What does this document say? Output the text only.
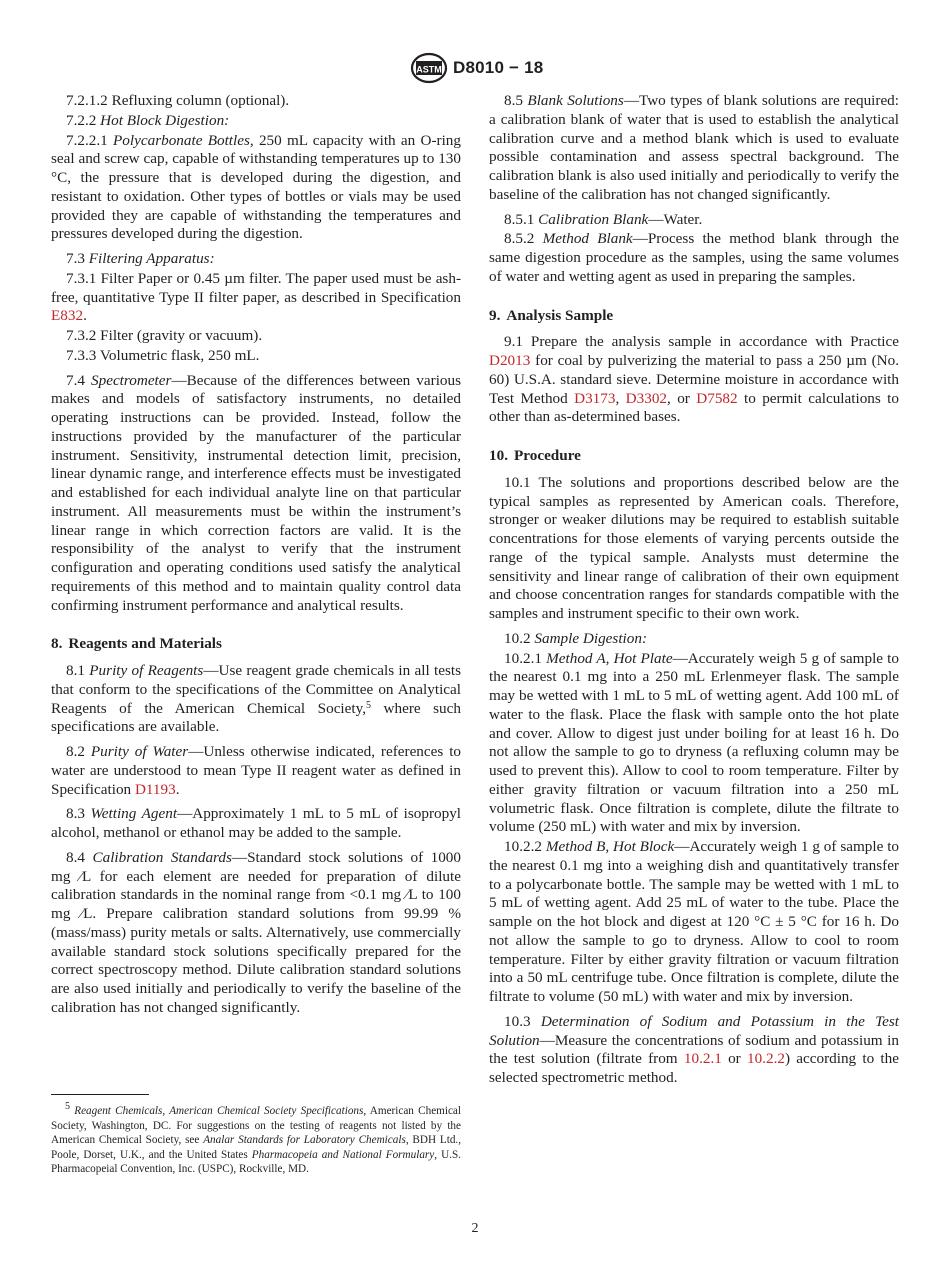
ASTM D8010 − 18

7.2.1.2 Refluxing column (optional).

7.2.2 Hot Block Digestion:

7.2.2.1 Polycarbonate Bottles, 250 mL capacity with an O-ring seal and screw cap, capable of withstanding temperatures up to 130 °C, the pressure that is developed during the digestion, and resistant to oxidation. Other types of bottles or vials may be used provided they are capable of withstanding the temperatures and pressures developed during the digestion.

7.3 Filtering Apparatus:

7.3.1 Filter Paper or 0.45 µm filter. The paper used must be ash-free, quantitative Type II filter paper, as described in Specification E832.

7.3.2 Filter (gravity or vacuum).

7.3.3 Volumetric flask, 250 mL.

7.4 Spectrometer—Because of the differences between various makes and models of satisfactory instruments, no detailed operating instructions can be provided. Instead, follow the instructions provided by the manufacturer of the particular instrument. Sensitivity, instrumental detection limit, precision, linear dynamic range, and interference effects must be investigated and established for each individual analyte line on that particular instrument. All measurements must be within the instrument’s linear range in which correction factors are valid. It is the responsibility of the analyst to verify that the instrument configuration and operating conditions used satisfy the analytical requirements of this method and to maintain quality control data confirming instrument performance and analytical results.

8. Reagents and Materials

8.1 Purity of Reagents—Use reagent grade chemicals in all tests that conform to the specifications of the Committee on Analytical Reagents of the American Chemical Society,$^5$ where such specifications are available.

8.2 Purity of Water—Unless otherwise indicated, references to water are understood to mean Type II reagent water as defined in Specification D1193.

8.3 Wetting Agent—Approximately 1 mL to 5 mL of isopropyl alcohol, methanol or ethanol may be added to the sample.

8.4 Calibration Standards—Standard stock solutions of 1000 mg ⁄L for each element are needed for preparation of dilute calibration standards in the nominal range from <0.1 mg ⁄L to 100 mg ⁄L. Prepare calibration standard solutions from 99.99 % (mass/mass) purity metals or salts. Alternatively, use commercially available standard stock solutions specifically prepared for the correct spectroscopy method. Dilute calibration standard solutions are also used initially and periodically to verify the baseline of the calibration has not changed significantly.

$^5$ Reagent Chemicals, American Chemical Society Specifications, American Chemical Society, Washington, DC. For suggestions on the testing of reagents not listed by the American Chemical Society, see Analar Standards for Laboratory Chemicals, BDH Ltd., Poole, Dorset, U.K., and the United States Pharmacopeia and National Formulary, U.S. Pharmacopeial Convention, Inc. (USPC), Rockville, MD.

8.5 Blank Solutions—Two types of blank solutions are required: a calibration blank of water that is used to establish the analytical calibration curve and a method blank which is used to evaluate possible contamination and assess spectral background. The calibration blank is also used initially and periodically to verify the baseline of the calibration has not changed significantly.

8.5.1 Calibration Blank—Water.

8.5.2 Method Blank—Process the method blank through the same digestion procedure as the samples, using the same volumes of water and wetting agent as used in preparing the samples.

9. Analysis Sample

9.1 Prepare the analysis sample in accordance with Practice D2013 for coal by pulverizing the material to pass a 250 µm (No. 60) U.S.A. standard sieve. Determine moisture in accordance with Test Method D3173, D3302, or D7582 to permit calculations to other than as-determined bases.

10. Procedure

10.1 The solutions and proportions described below are the typical samples as represented by American coals. Therefore, stronger or weaker dilutions may be required to establish suitable concentrations for those elements of varying percents outside the range of the typical sample. Analysts must determine the sensitivity and linear range of calibration of their own equipment and choose concentration ranges for standards compatible with the samples and instrument specific to their own work.

10.2 Sample Digestion:

10.2.1 Method A, Hot Plate—Accurately weigh 5 g of sample to the nearest 0.1 mg into a 250 mL Erlenmeyer flask. The sample may be wetted with 1 mL to 5 mL of wetting agent. Add 100 mL of water to the flask. Place the flask with sample onto the hot plate and cover. Allow to digest just under boiling for at least 16 h. Do not allow the sample to go to dryness (a refluxing column may be used to prevent this). Allow to cool to room temperature. Filter by either gravity filtration or vacuum filtration into a 250 mL volumetric flask. Once filtration is complete, dilute the filtrate to volume (250 mL) with water and mix by inversion.

10.2.2 Method B, Hot Block—Accurately weigh 1 g of sample to the nearest 0.1 mg into a weighing dish and quantitatively transfer to a polycarbonate bottle. The sample may be wetted with 1 mL to 5 mL of wetting agent. Add 25 mL of water to the tube. Place the sample on the hot block and digest at 120 °C ± 5 °C for 16 h. Do not allow the sample to go to dryness. Allow to cool to room temperature. Filter by either gravity filtration or vacuum filtration into a 50 mL centrifuge tube. Once filtration is complete, dilute the filtrate to volume (50 mL) with water and mix by inversion.

10.3 Determination of Sodium and Potassium in the Test Solution—Measure the concentrations of sodium and potassium in the test solution (filtrate from 10.2.1 or 10.2.2) according to the selected spectrometric method.

2
